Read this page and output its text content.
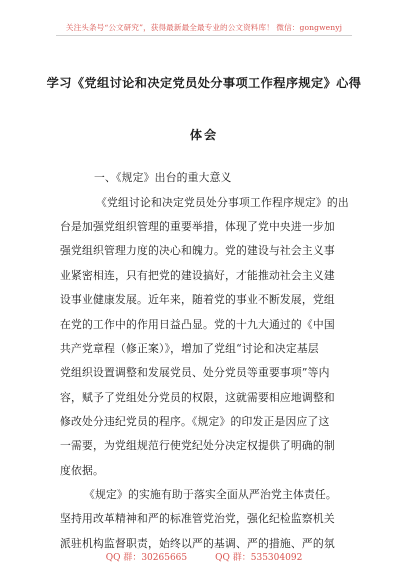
关注头条号“公文研究”，获得最新最全最专业的公文资料库！ 微信：gongwenyj
学习《党组讨论和决定党员处分事项工作程序规定》心得
体会
一、《规定》出台的重大意义
《党组讨论和决定党员处分事项工作程序规定》的出
台是加强党组织管理的重要举措，体现了党中央进一步加
强党组织管理力度的决心和魄力。党的建设与社会主义事
业紧密相连，只有把党的建设搞好，才能推动社会主义建
设事业健康发展。近年来，随着党的事业不断发展，党组
在党的工作中的作用日益凸显。党的十九大通过的《中国
共产党章程（修正案）》，增加了党组“讨论和决定基层
党组织设置调整和发展党员、处分党员等重要事项”等内
容，赋予了党组处分党员的权限，这就需要相应地调整和
修改处分违纪党员的程序。《规定》的印发正是因应了这
一需要，为党组规范行使党纪处分决定权提供了明确的制
度依据。
《规定》的实施有助于落实全面从严治党主体责任。
坚持用改革精神和严的标准管党治党，强化纪检监察机关
派驻机构监督职责，始终以严的基调、严的措施、严的氛
QQ 群：30265665	QQ 群：535304092
